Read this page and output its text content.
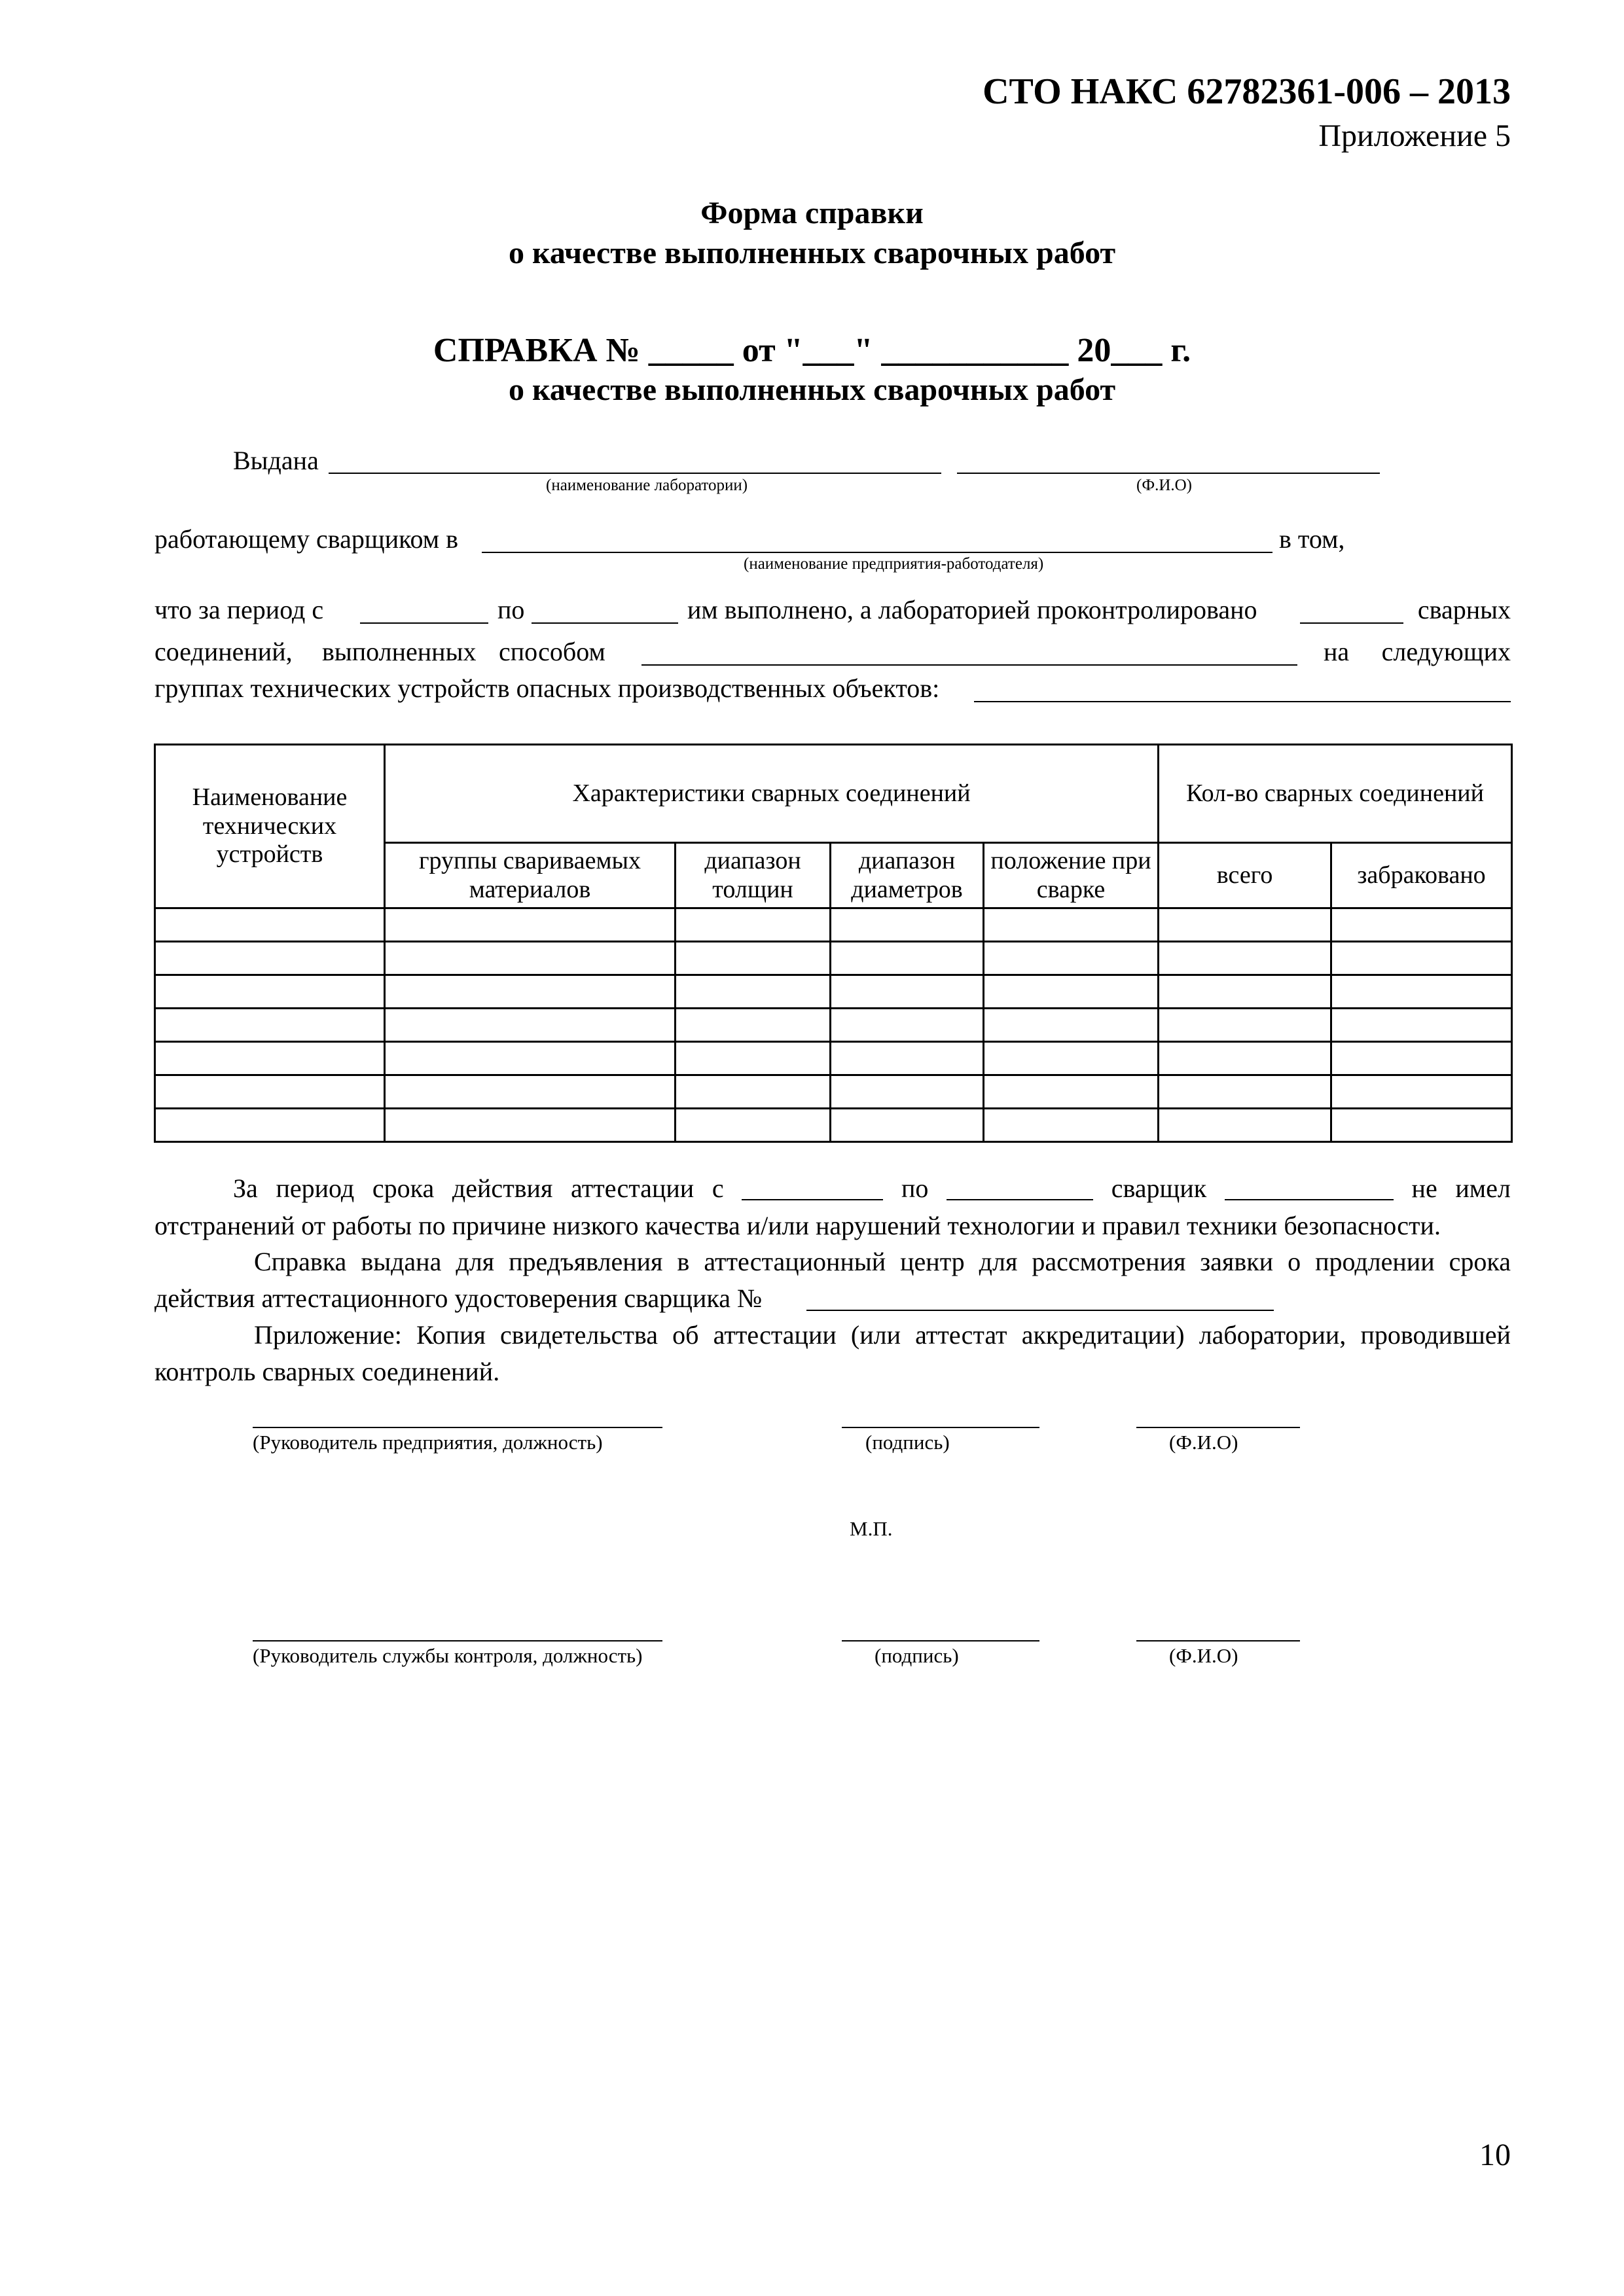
СТО НАКС 62782361-006 – 2013
Приложение 5
Форма справки
о качестве выполненных сварочных работ
СПРАВКА № _____ от "___" ___________ 20___ г.
о качестве выполненных сварочных работ
Выдана
(наименование лаборатории)	(Ф.И.О)
работающему сварщиком в	в том,
(наименование предприятия-работодателя)
что за период с	по	им выполнено, а лабораторией проконтролировано	сварных
соединений, выполненных способом	на следующих
группах технических устройств опасных производственных объектов:
Наименование технических устройств	Характеристики сварных соединений				Кол-во сварных соединений	
	группы свариваемых материалов	диапазон толщин	диапазон диаметров	положение при сварке	всего	забраковано

За период срока действия аттестации с	по	сварщик	не имел
отстранений от работы по причине низкого качества и/или нарушений технологии и правил техники безопасности.
Справка выдана для предъявления в аттестационный центр для рассмотрения заявки о продлении срока
действия аттестационного удостоверения сварщика №
Приложение: Копия свидетельства об аттестации (или аттестат аккредитации) лаборатории, проводившей
контроль сварных соединений.
(Руководитель предприятия, должность)	(подпись)	(Ф.И.О)
М.П.
(Руководитель службы контроля, должность)	(подпись)	(Ф.И.О)
10
